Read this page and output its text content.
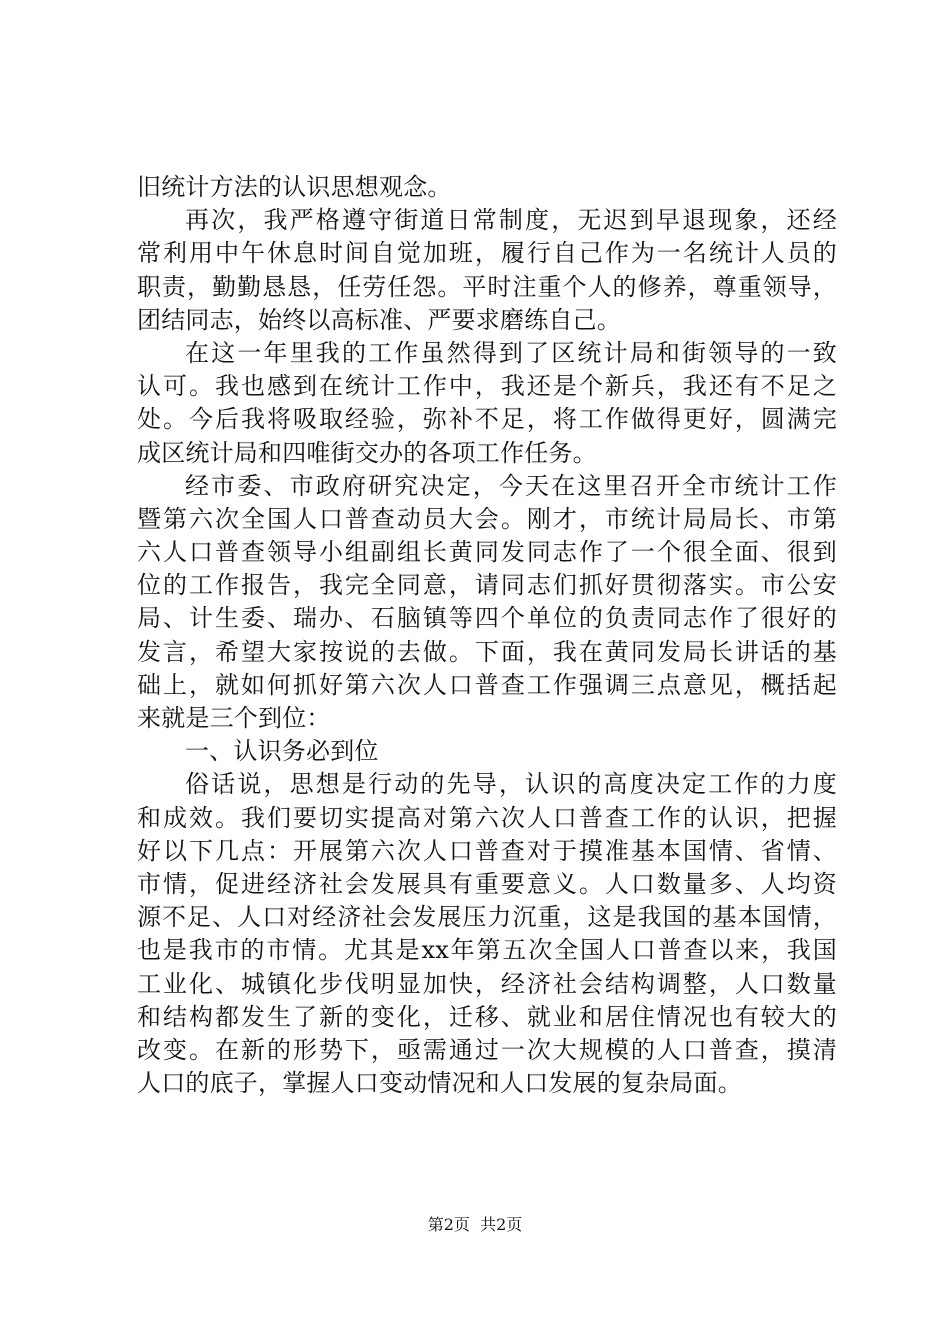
旧统计方法的认识思想观念。
再次，我严格遵守街道日常制度，无迟到早退现象，还经
常利用中午休息时间自觉加班，履行自己作为一名统计人员的
职责，勤勤恳恳，任劳任怨。平时注重个人的修养，尊重领导，
团结同志，始终以高标准、严要求磨练自己。
在这一年里我的工作虽然得到了区统计局和街领导的一致
认可。我也感到在统计工作中，我还是个新兵，我还有不足之
处。今后我将吸取经验，弥补不足，将工作做得更好，圆满完
成区统计局和四唯街交办的各项工作任务。
经市委、市政府研究决定，今天在这里召开全市统计工作
暨第六次全国人口普查动员大会。刚才，市统计局局长、市第
六人口普查领导小组副组长黄同发同志作了一个很全面、很到
位的工作报告，我完全同意，请同志们抓好贯彻落实。市公安
局、计生委、瑞办、石脑镇等四个单位的负责同志作了很好的
发言，希望大家按说的去做。下面，我在黄同发局长讲话的基
础上，就如何抓好第六次人口普查工作强调三点意见，概括起
来就是三个到位：
一、认识务必到位
俗话说，思想是行动的先导，认识的高度决定工作的力度
和成效。我们要切实提高对第六次人口普查工作的认识，把握
好以下几点：开展第六次人口普查对于摸准基本国情、省情、
市情，促进经济社会发展具有重要意义。人口数量多、人均资
源不足、人口对经济社会发展压力沉重，这是我国的基本国情，
也是我市的市情。尤其是xx年第五次全国人口普查以来，我国
工业化、城镇化步伐明显加快，经济社会结构调整，人口数量
和结构都发生了新的变化，迁移、就业和居住情况也有较大的
改变。在新的形势下，亟需通过一次大规模的人口普查，摸清
人口的底子，掌握人口变动情况和人口发展的复杂局面。
第2页 共2页
